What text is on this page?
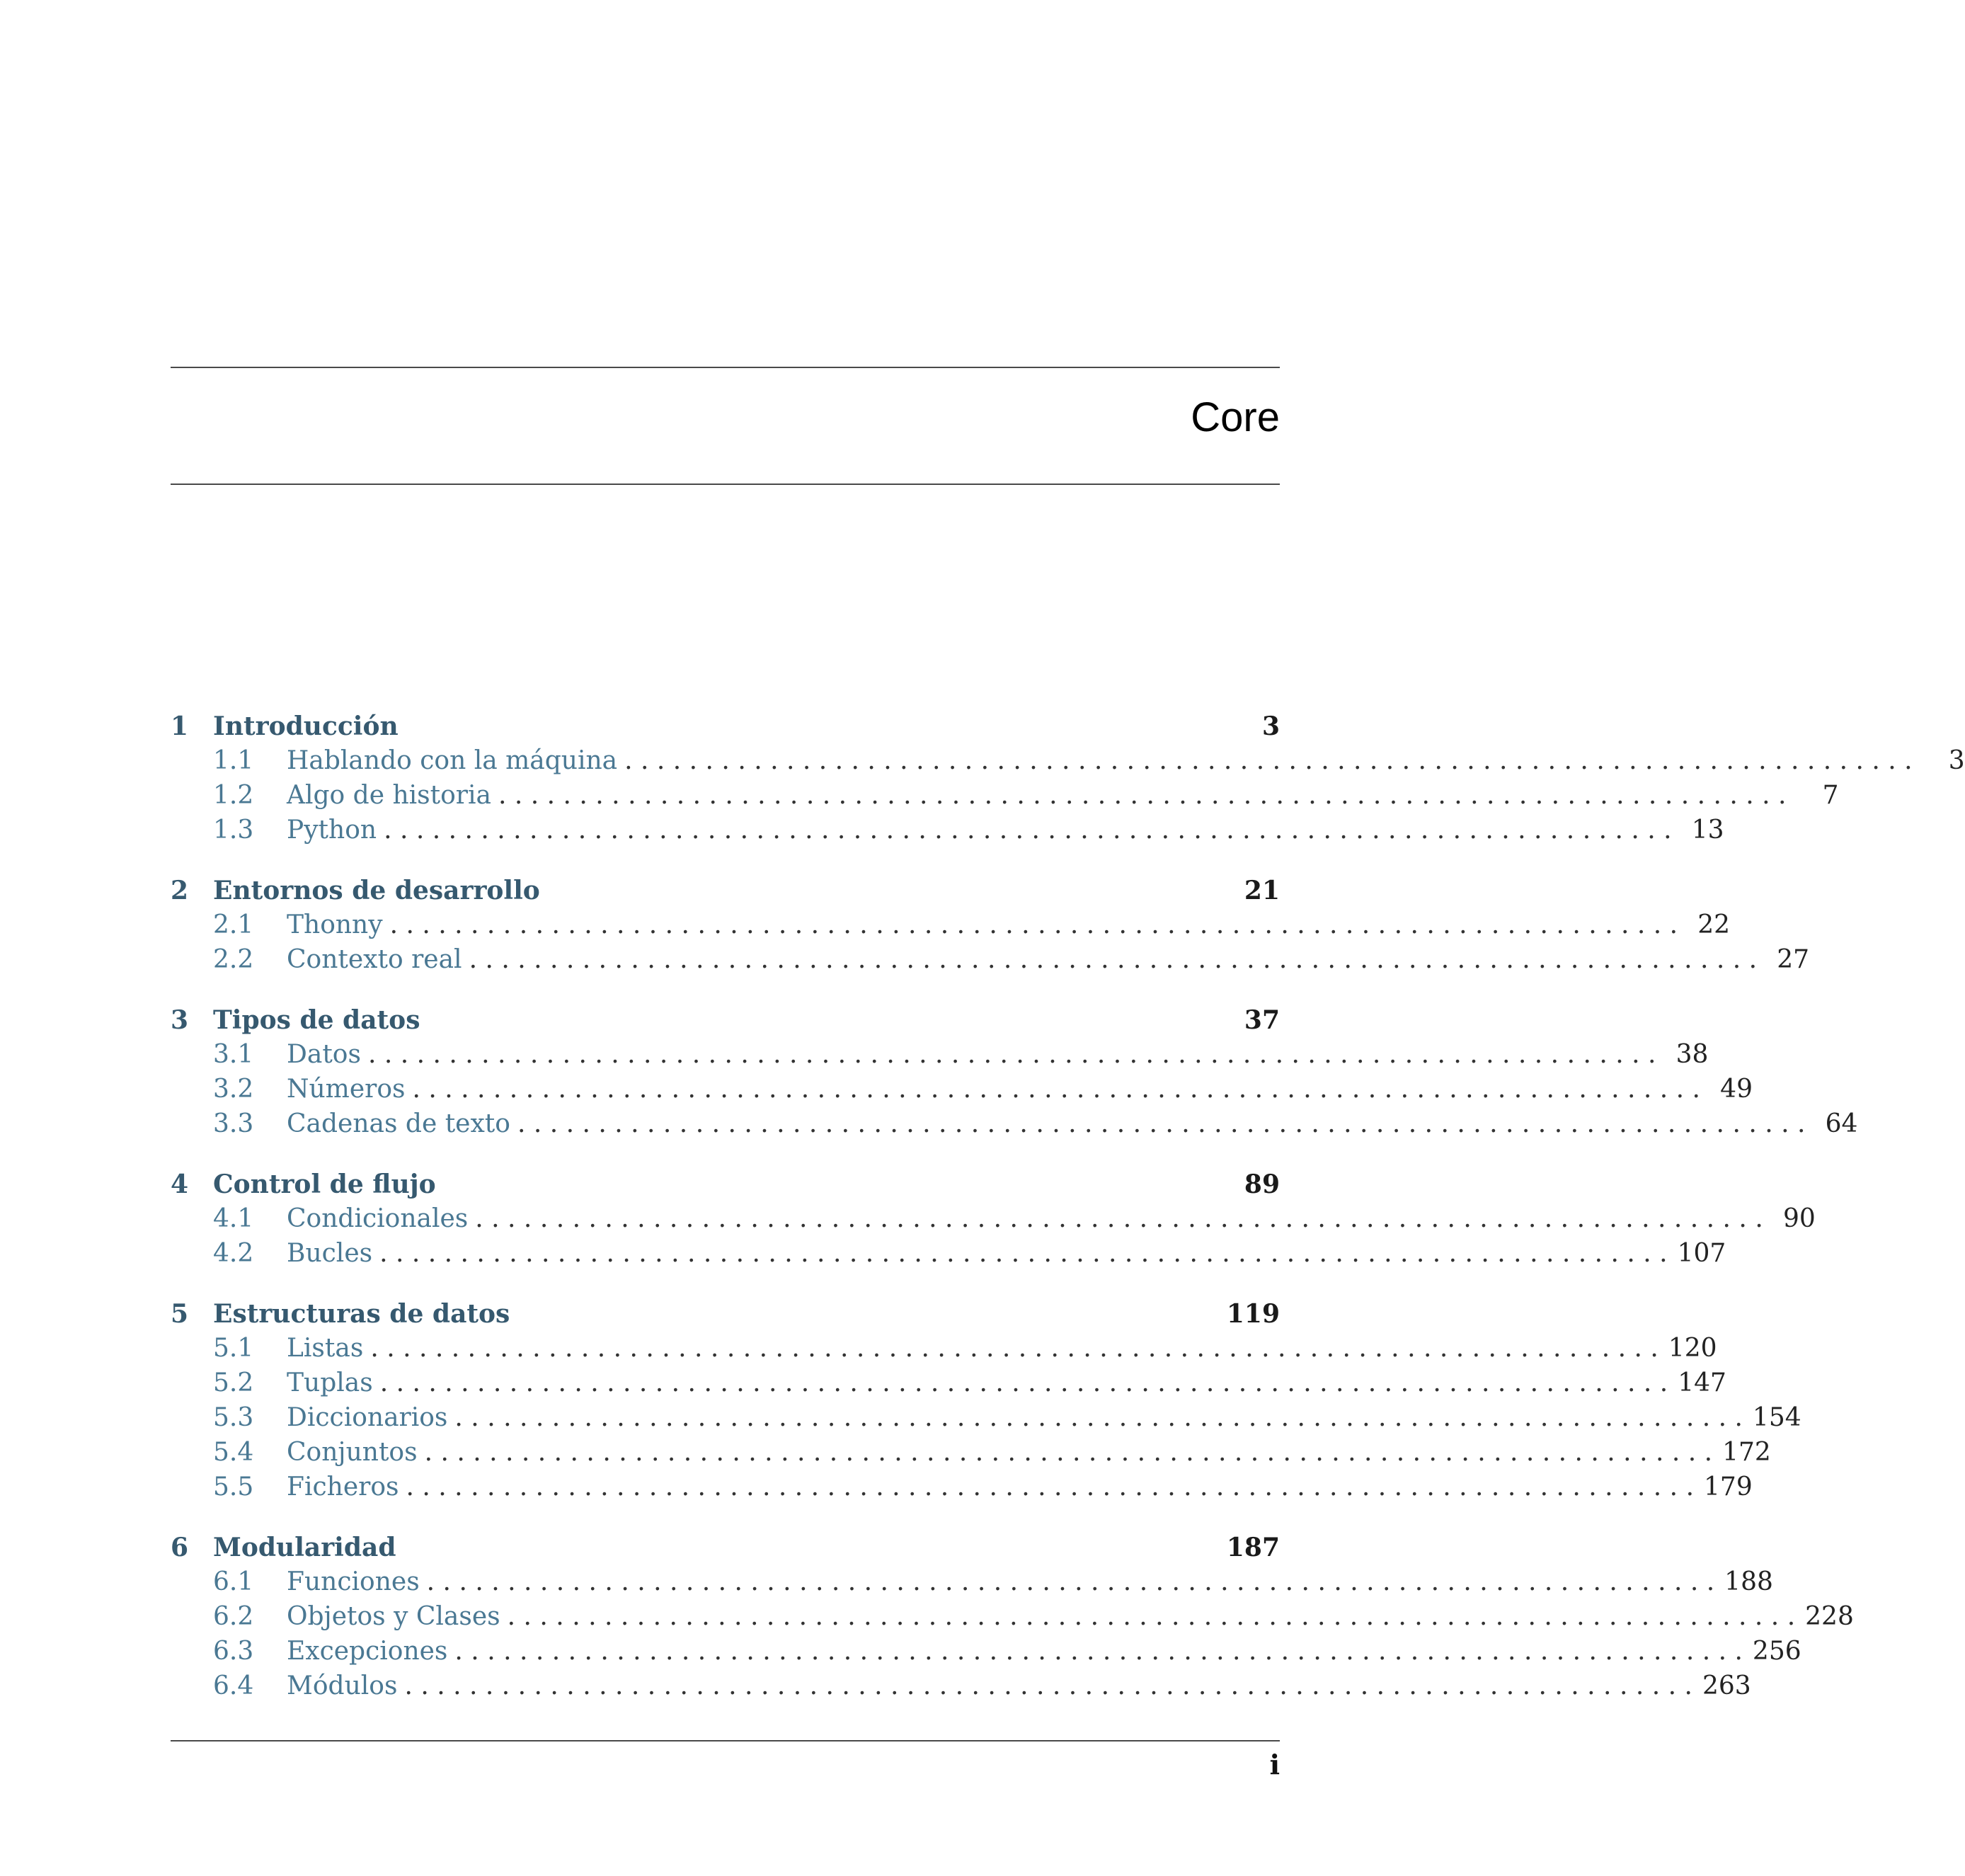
Core
1 Introducción	3
1.1	Hablando con la máquina . . . . . . . . . . . . . . . . . . . . . . . . . . . . . . . . . . . . . . . . . . . . . . . . . . . . . . . . . . . . . . . . . . . . . . . . . . . . . . . .	3
1.2	Algo de historia . . . . . . . . . . . . . . . . . . . . . . . . . . . . . . . . . . . . . . . . . . . . . . . . . . . . . . . . . . . . . . . . . . . . . . . . . . . . . . . .	7
1.3	Python . . . . . . . . . . . . . . . . . . . . . . . . . . . . . . . . . . . . . . . . . . . . . . . . . . . . . . . . . . . . . . . . . . . . . . . . . . . . . . . . 13
2 Entornos de desarrollo	21
2.1	Thonny . . . . . . . . . . . . . . . . . . . . . . . . . . . . . . . . . . . . . . . . . . . . . . . . . . . . . . . . . . . . . . . . . . . . . . . . . . . . . . . . 22
2.2	Contexto real . . . . . . . . . . . . . . . . . . . . . . . . . . . . . . . . . . . . . . . . . . . . . . . . . . . . . . . . . . . . . . . . . . . . . . . . . . . . . . . . 27
3 Tipos de datos	37
3.1	Datos . . . . . . . . . . . . . . . . . . . . . . . . . . . . . . . . . . . . . . . . . . . . . . . . . . . . . . . . . . . . . . . . . . . . . . . . . . . . . . . . 38
3.2	Números . . . . . . . . . . . . . . . . . . . . . . . . . . . . . . . . . . . . . . . . . . . . . . . . . . . . . . . . . . . . . . . . . . . . . . . . . . . . . . . . 49
3.3	Cadenas de texto . . . . . . . . . . . . . . . . . . . . . . . . . . . . . . . . . . . . . . . . . . . . . . . . . . . . . . . . . . . . . . . . . . . . . . . . . . . . . . . . 64
4 Control de flujo	89
4.1	Condicionales . . . . . . . . . . . . . . . . . . . . . . . . . . . . . . . . . . . . . . . . . . . . . . . . . . . . . . . . . . . . . . . . . . . . . . . . . . . . . . . . 90
4.2	Bucles . . . . . . . . . . . . . . . . . . . . . . . . . . . . . . . . . . . . . . . . . . . . . . . . . . . . . . . . . . . . . . . . . . . . . . . . . . . . . . . . 107
5 Estructuras de datos	119
5.1	Listas . . . . . . . . . . . . . . . . . . . . . . . . . . . . . . . . . . . . . . . . . . . . . . . . . . . . . . . . . . . . . . . . . . . . . . . . . . . . . . . . 120
5.2	Tuplas . . . . . . . . . . . . . . . . . . . . . . . . . . . . . . . . . . . . . . . . . . . . . . . . . . . . . . . . . . . . . . . . . . . . . . . . . . . . . . . . 147
5.3	Diccionarios . . . . . . . . . . . . . . . . . . . . . . . . . . . . . . . . . . . . . . . . . . . . . . . . . . . . . . . . . . . . . . . . . . . . . . . . . . . . . . . . 154
5.4	Conjuntos . . . . . . . . . . . . . . . . . . . . . . . . . . . . . . . . . . . . . . . . . . . . . . . . . . . . . . . . . . . . . . . . . . . . . . . . . . . . . . . . 172
5.5	Ficheros . . . . . . . . . . . . . . . . . . . . . . . . . . . . . . . . . . . . . . . . . . . . . . . . . . . . . . . . . . . . . . . . . . . . . . . . . . . . . . . . 179
6 Modularidad	187
6.1	Funciones . . . . . . . . . . . . . . . . . . . . . . . . . . . . . . . . . . . . . . . . . . . . . . . . . . . . . . . . . . . . . . . . . . . . . . . . . . . . . . . . 188
6.2	Objetos y Clases . . . . . . . . . . . . . . . . . . . . . . . . . . . . . . . . . . . . . . . . . . . . . . . . . . . . . . . . . . . . . . . . . . . . . . . . . . . . . . . . 228
6.3	Excepciones . . . . . . . . . . . . . . . . . . . . . . . . . . . . . . . . . . . . . . . . . . . . . . . . . . . . . . . . . . . . . . . . . . . . . . . . . . . . . . . . 256
6.4	Módulos . . . . . . . . . . . . . . . . . . . . . . . . . . . . . . . . . . . . . . . . . . . . . . . . . . . . . . . . . . . . . . . . . . . . . . . . . . . . . . . . 263
i
